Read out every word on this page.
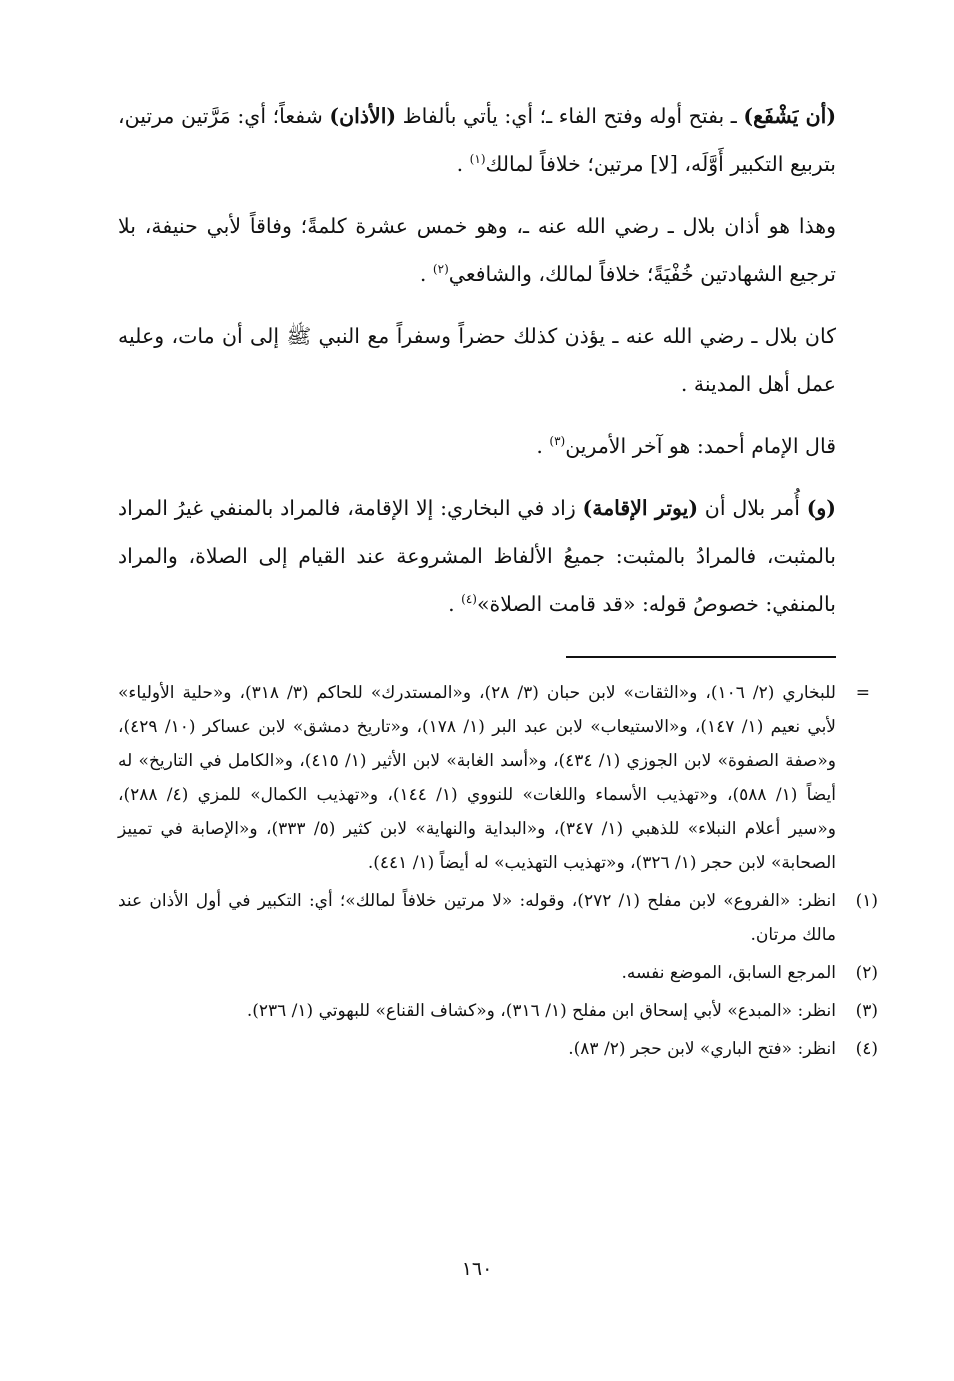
(أن يَشْفَع) ـ بفتح أوله وفتح الفاء ـ؛ أي: يأتي بألفاظ (الأذان) شفعاً؛ أي: مَرَّتين مرتين، بتربيع التكبير أَوَّلَه، [لا] مرتين؛ خلافاً لمالك$^{(١)}$ .

وهذا هو أذان بلال ـ رضي الله عنه ـ، وهو خمس عشرة كلمةً؛ وفاقاً لأبي حنيفة، بلا ترجيع الشهادتين خُفْيَةً؛ خلافاً لمالك، والشافعي$^{(٢)}$ .

كان بلال ـ رضي الله عنه ـ يؤذن كذلك حضراً وسفراً مع النبي ﷺ إلى أن مات، وعليه عمل أهل المدينة .

قال الإمام أحمد: هو آخر الأمرين$^{(٣)}$ .

(و) أُمر بلال أن (يوتر الإقامة) زاد في البخاري: إلا الإقامة، فالمراد بالمنفي غيرُ المراد بالمثبت، فالمرادُ بالمثبت: جميعُ الألفاظ المشروعة عند القيام إلى الصلاة، والمراد بالمنفي: خصوصُ قوله: «قد قامت الصلاة»$^{(٤)}$ .

=
للبخاري (٢/ ١٠٦)، و«الثقات» لابن حبان (٣/ ٢٨)، و«المستدرك» للحاكم (٣/ ٣١٨)، و«حلية الأولياء» لأبي نعيم (١/ ١٤٧)، و«الاستيعاب» لابن عبد البر (١/ ١٧٨)، و«تاريخ دمشق» لابن عساكر (١٠/ ٤٢٩)، و«صفة الصفوة» لابن الجوزي (١/ ٤٣٤)، و«أسد الغابة» لابن الأثير (١/ ٤١٥)، و«الكامل في التاريخ» له أيضاً (١/ ٥٨٨)، و«تهذيب الأسماء واللغات» للنووي (١/ ١٤٤)، و«تهذيب الكمال» للمزي (٤/ ٢٨٨)، و«سير أعلام النبلاء» للذهبي (١/ ٣٤٧)، و«البداية والنهاية» لابن كثير (٥/ ٣٣٣)، و«الإصابة في تمييز الصحابة» لابن حجر (١/ ٣٢٦)، و«تهذيب التهذيب» له أيضاً (١/ ٤٤١).
(١)
انظر: «الفروع» لابن مفلح (١/ ٢٧٢)، وقوله: «لا مرتين خلافاً لمالك»؛ أي: التكبير في أول الأذان عند مالك مرتان.
(٢)
المرجع السابق، الموضع نفسه.
(٣)
انظر: «المبدع» لأبي إسحاق ابن مفلح (١/ ٣١٦)، و«كشاف القناع» للبهوتي (١/ ٢٣٦).
(٤)
انظر: «فتح الباري» لابن حجر (٢/ ٨٣).
١٦٠
